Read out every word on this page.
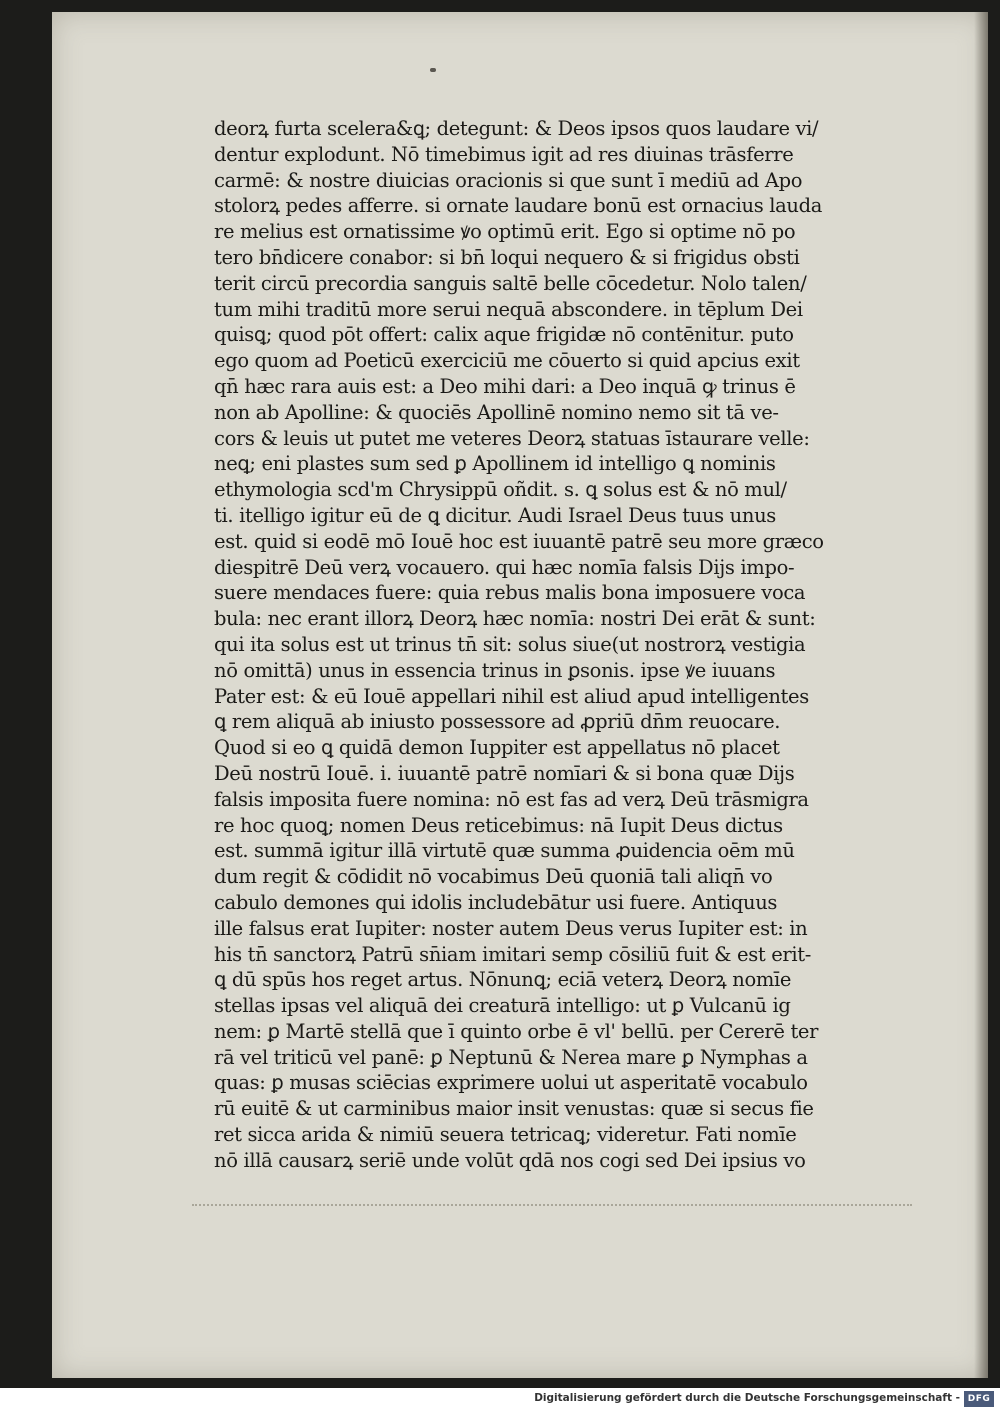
deorꝝ furta scelera&ꝗ; detegunt: & Deos ipsos quos laudare vi/
dentur explodunt. Nō timebimus igit ad res diuinas trāsferre
carmē: & nostre diuicias oracionis si que sunt ī mediū ad Apo
stolorꝝ pedes afferre. si ornate laudare bonū est ornacius lauda
re melius est ornatissime ꝟo optimū erit. Ego si optime nō po
tero bn̄dicere conabor: si bn̄ loqui nequero & si frigidus obsti
terit circū precordia sanguis saltē belle cōcedetur. Nolo talen/
tum mihi traditū more serui nequā abscondere. in tēplum Dei
quisꝗ; quod pōt offert: calix aque frigidæ nō contēnitur. puto
ego quom ad Poeticū exerciciū me cōuerto si quid apcius exit
qn̄ hæc rara auis est: a Deo mihi dari: a Deo inquā ꝙ trinus ē
non ab Apolline: & quociēs Apollinē nomino nemo sit tā ve-
cors & leuis ut putet me veteres Deorꝝ statuas īstaurare velle:
neꝗ; eni plastes sum sed ꝑ Apollinem id intelligo ꝗ nominis
ethymologia scd'm Chrysippū oñdit. s. ꝗ solus est & nō mul/
ti. itelligo igitur eū de ꝗ dicitur. Audi Israel Deus tuus unus
est. quid si eodē mō Iouē hoc est iuuantē patrē seu more græco
diespitrē Deū verꝝ vocauero. qui hæc nomīa falsis Dijs impo-
suere mendaces fuere: quia rebus malis bona imposuere voca
bula: nec erant illorꝝ Deorꝝ hæc nomīa: nostri Dei erāt & sunt:
qui ita solus est ut trinus tn̄ sit: solus siue(ut nostrorꝝ vestigia
nō omittā) unus in essencia trinus in ꝑsonis. ipse ꝟe iuuans
Pater est: & eū Iouē appellari nihil est aliud apud intelligentes
ꝗ rem aliquā ab iniusto possessore ad ꝓpriū dn̄m reuocare.
Quod si eo ꝗ quidā demon Iuppiter est appellatus nō placet
Deū nostrū Iouē. i. iuuantē patrē nomīari & si bona quæ Dijs
falsis imposita fuere nomina: nō est fas ad verꝝ Deū trāsmigra
re hoc quoꝗ; nomen Deus reticebimus: nā Iupit Deus dictus
est. summā igitur illā virtutē quæ summa ꝓuidencia oēm mū
dum regit & cōdidit nō vocabimus Deū quoniā tali aliqn̄ vo
cabulo demones qui idolis includebātur usi fuere. Antiquus
ille falsus erat Iupiter: noster autem Deus verus Iupiter est: in
his tn̄ sanctorꝝ Patrū sn̄iam imitari semp cōsiliū fuit & est erit-
ꝗ dū spūs hos reget artus. Nōnunꝗ; eciā veterꝝ Deorꝝ nomīe
stellas ipsas vel aliquā dei creaturā intelligo: ut ꝑ Vulcanū ig
nem: ꝑ Martē stellā que ī quinto orbe ē vl' bellū. per Cererē ter
rā vel triticū vel panē: ꝑ Neptunū & Nerea mare ꝑ Nymphas a
quas: ꝑ musas sciēcias exprimere uolui ut asperitatē vocabulo
rū euitē & ut carminibus maior insit venustas: quæ si secus fie
ret sicca arida & nimiū seuera tetricaꝗ; videretur. Fati nomīe
nō illā causarꝝ seriē unde volūt qdā nos cogi sed Dei ipsius vo
Digitalisierung gefördert durch die Deutsche Forschungsgemeinschaft - DFG
